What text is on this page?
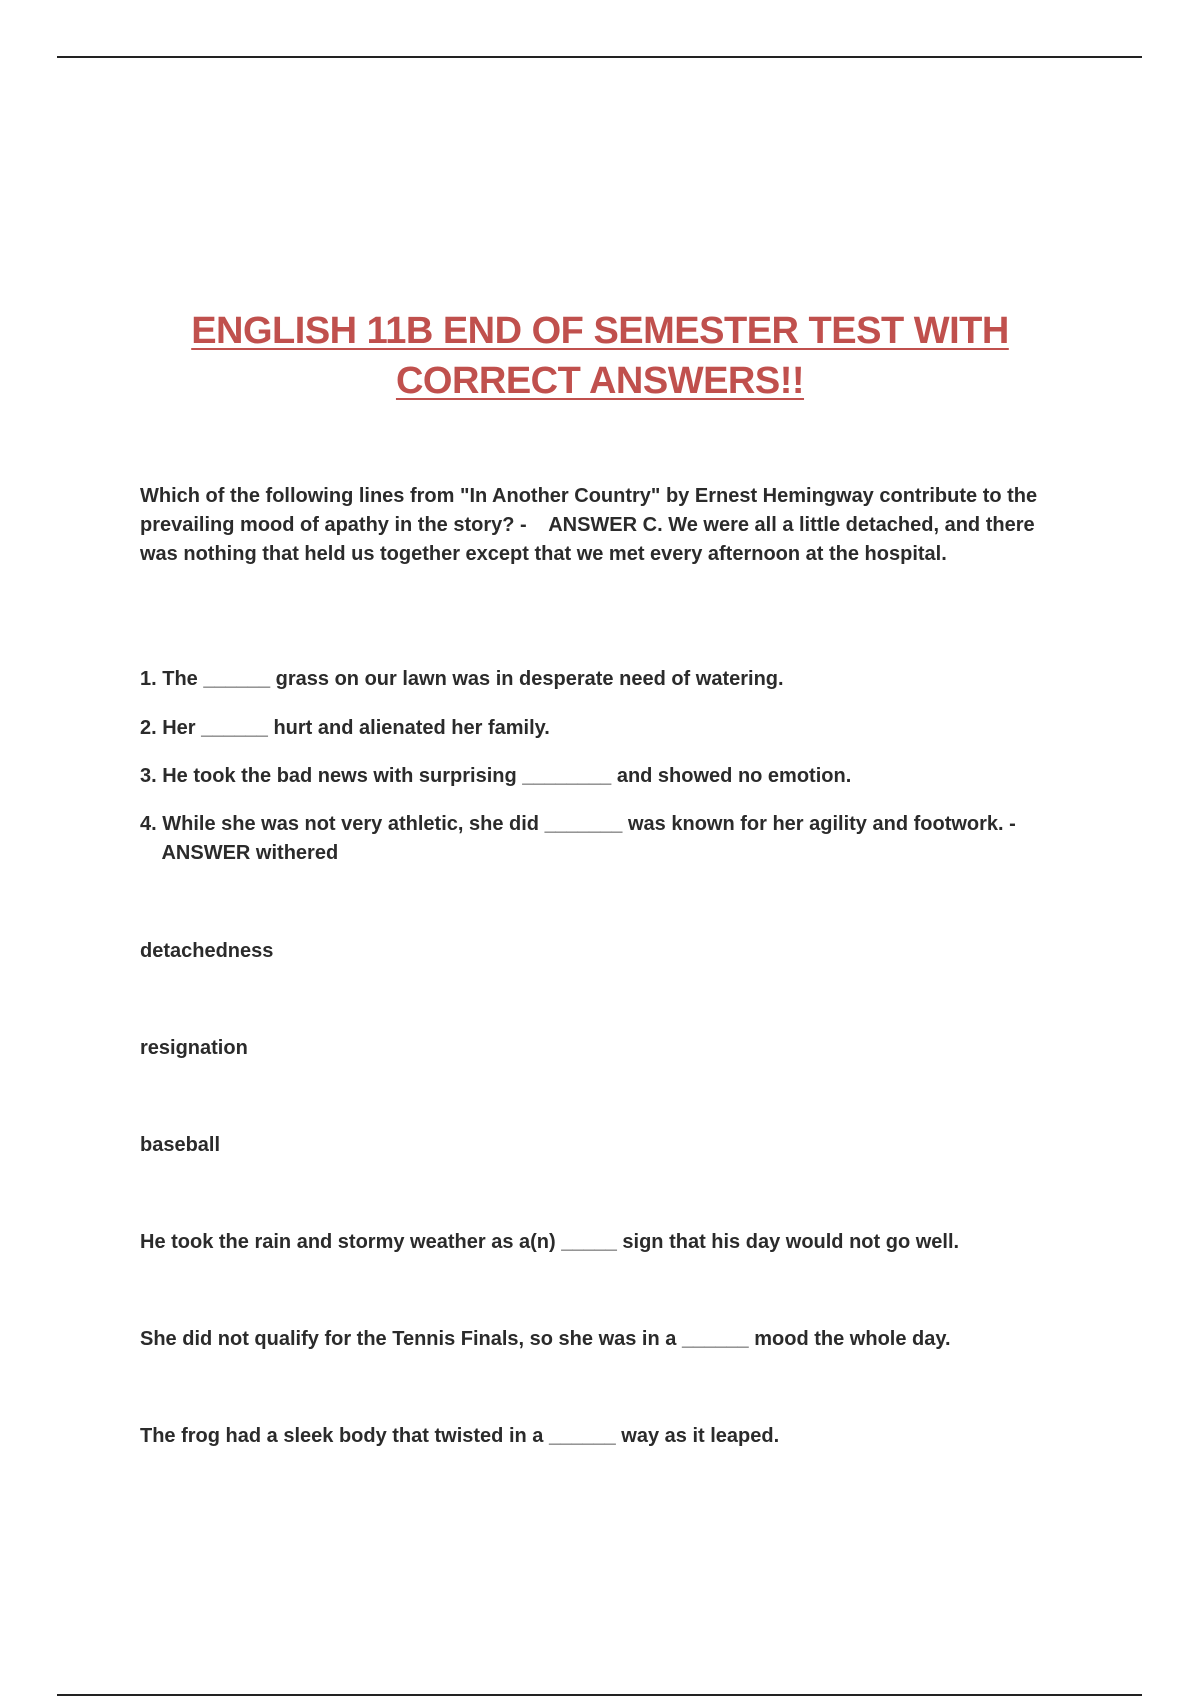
ENGLISH 11B END OF SEMESTER TEST WITH
CORRECT ANSWERS!!

Which of the following lines from "In Another Country" by Ernest Hemingway contribute to the prevailing mood of apathy in the story? - ANSWER C. We were all a little detached, and there was nothing that held us together except that we met every afternoon at the hospital.

1. The ______ grass on our lawn was in desperate need of watering.

2. Her ______ hurt and alienated her family.

3. He took the bad news with surprising ________ and showed no emotion.

4. While she was not very athletic, she did _______ was known for her agility and footwork. -    ANSWER withered

detachedness

resignation

baseball

He took the rain and stormy weather as a(n) _____ sign that his day would not go well.

She did not qualify for the Tennis Finals, so she was in a ______ mood the whole day.

The frog had a sleek body that twisted in a ______ way as it leaped.
